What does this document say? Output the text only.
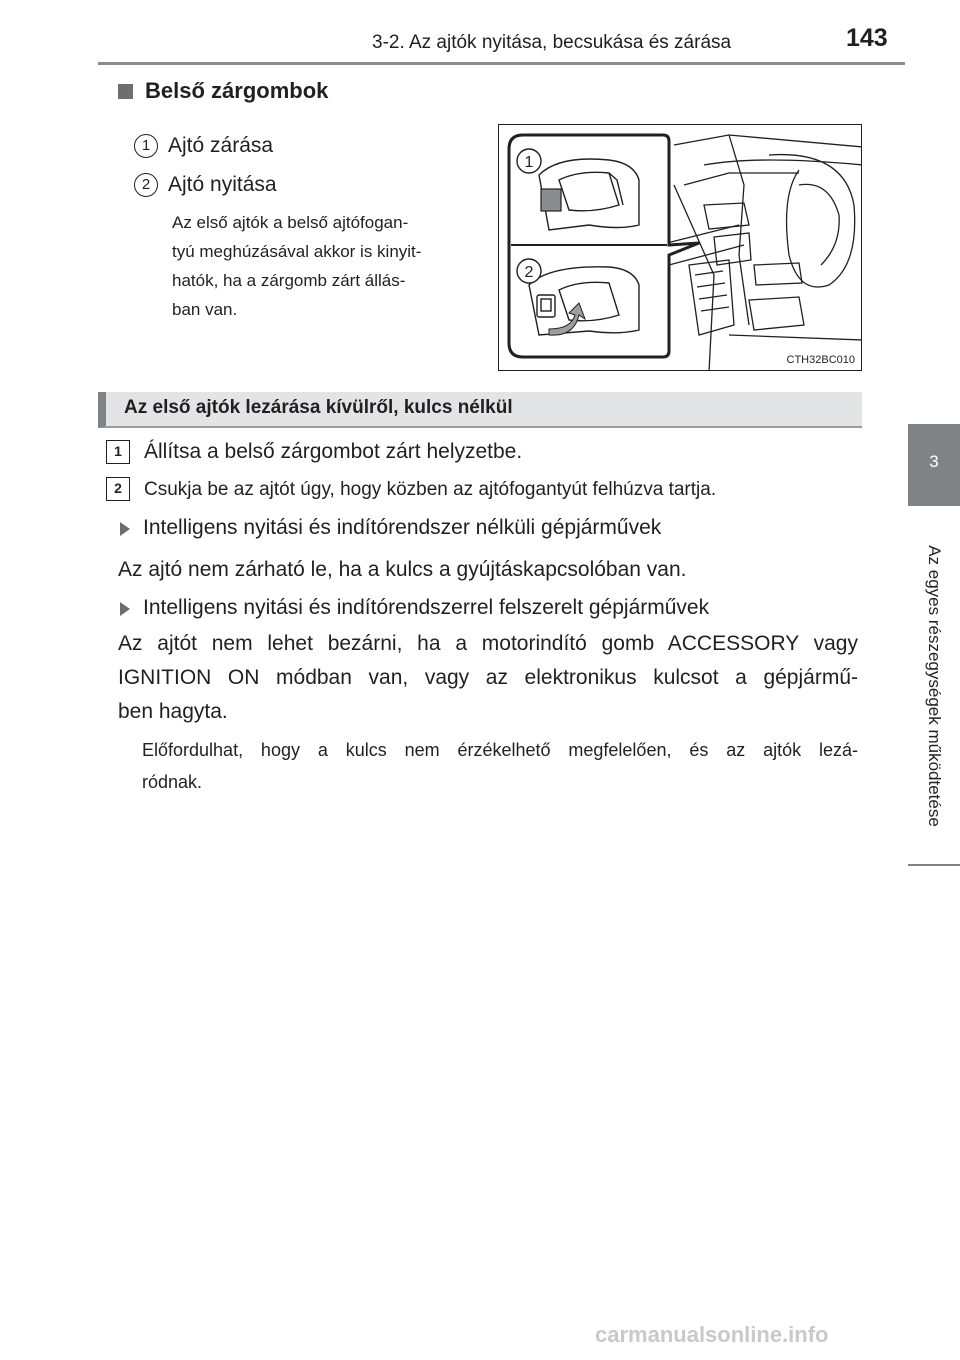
3-2. Az ajtók nyitása, becsukása és zárása	143
3
Az egyes részegységek működtetése
Belső zárgombok
1 Ajtó zárása
2 Ajtó nyitása
Az első ajtók a belső ajtófogan-
tyú meghúzásával akkor is kinyit-
hatók, ha a zárgomb zárt állás-
ban van.
1
2
CTH32BC010
Az első ajtók lezárása kívülről, kulcs nélkül
1	Állítsa a belső zárgombot zárt helyzetbe.
2	Csukja be az ajtót úgy, hogy közben az ajtófogantyút felhúzva tartja.
Intelligens nyitási és indítórendszer nélküli gépjárművek
Az ajtó nem zárható le, ha a kulcs a gyújtáskapcsolóban van.
Intelligens nyitási és indítórendszerrel felszerelt gépjárművek
Az ajtót nem lehet bezárni, ha a motorindító gomb ACCESSORY vagy
IGNITION ON módban van, vagy az elektronikus kulcsot a gépjármű-
ben hagyta.
Előfordulhat, hogy a kulcs nem érzékelhető megfelelően, és az ajtók lezá-
ródnak.
carmanualsonline.info
